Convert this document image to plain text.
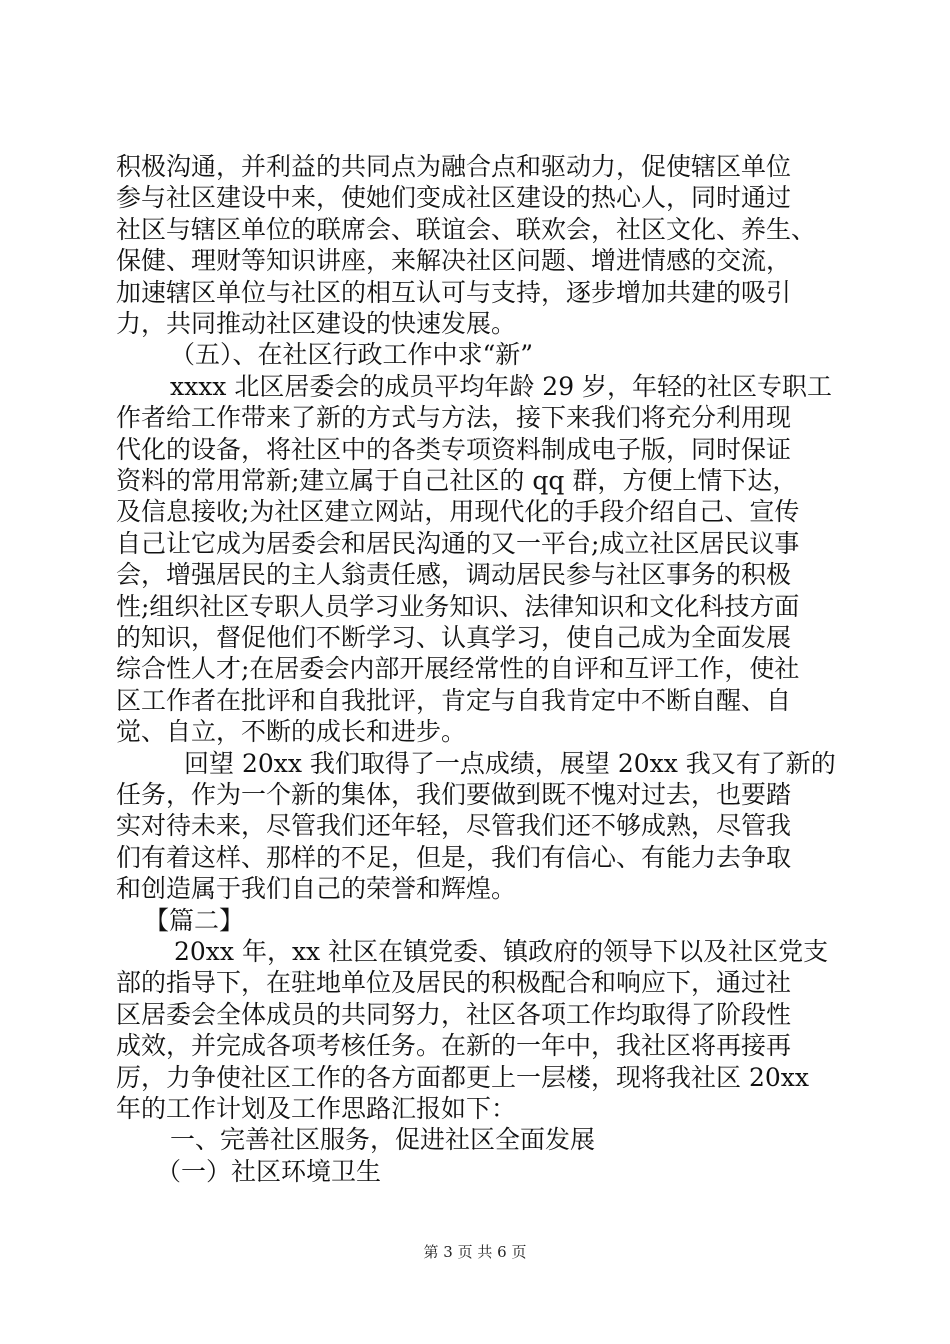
积极沟通，并利益的共同点为融合点和驱动力，促使辖区单位
参与社区建设中来，使她们变成社区建设的热心人，同时通过
社区与辖区单位的联席会、联谊会、联欢会，社区文化、养生、
保健、理财等知识讲座，来解决社区问题、增进情感的交流，
加速辖区单位与社区的相互认可与支持，逐步增加共建的吸引
力，共同推动社区建设的快速发展。
（五）、在社区行政工作中求“新”
xxxx 北区居委会的成员平均年龄 29 岁，年轻的社区专职工
作者给工作带来了新的方式与方法，接下来我们将充分利用现
代化的设备，将社区中的各类专项资料制成电子版，同时保证
资料的常用常新;建立属于自己社区的 qq 群，方便上情下达，
及信息接收;为社区建立网站，用现代化的手段介绍自己、宣传
自己让它成为居委会和居民沟通的又一平台;成立社区居民议事
会，增强居民的主人翁责任感，调动居民参与社区事务的积极
性;组织社区专职人员学习业务知识、法律知识和文化科技方面
的知识，督促他们不断学习、认真学习，使自己成为全面发展
综合性人才;在居委会内部开展经常性的自评和互评工作，使社
区工作者在批评和自我批评，肯定与自我肯定中不断自醒、自
觉、自立，不断的成长和进步。
回望 20xx 我们取得了一点成绩，展望 20xx 我又有了新的
任务，作为一个新的集体，我们要做到既不愧对过去，也要踏
实对待未来，尽管我们还年轻，尽管我们还不够成熟，尽管我
们有着这样、那样的不足，但是，我们有信心、有能力去争取
和创造属于我们自己的荣誉和辉煌。
【篇二】
20xx 年，xx 社区在镇党委、镇政府的领导下以及社区党支
部的指导下，在驻地单位及居民的积极配合和响应下，通过社
区居委会全体成员的共同努力，社区各项工作均取得了阶段性
成效，并完成各项考核任务。在新的一年中，我社区将再接再
厉，力争使社区工作的各方面都更上一层楼，现将我社区 20xx
年的工作计划及工作思路汇报如下：
一、完善社区服务，促进社区全面发展
（一）社区环境卫生
第 3 页 共 6 页
